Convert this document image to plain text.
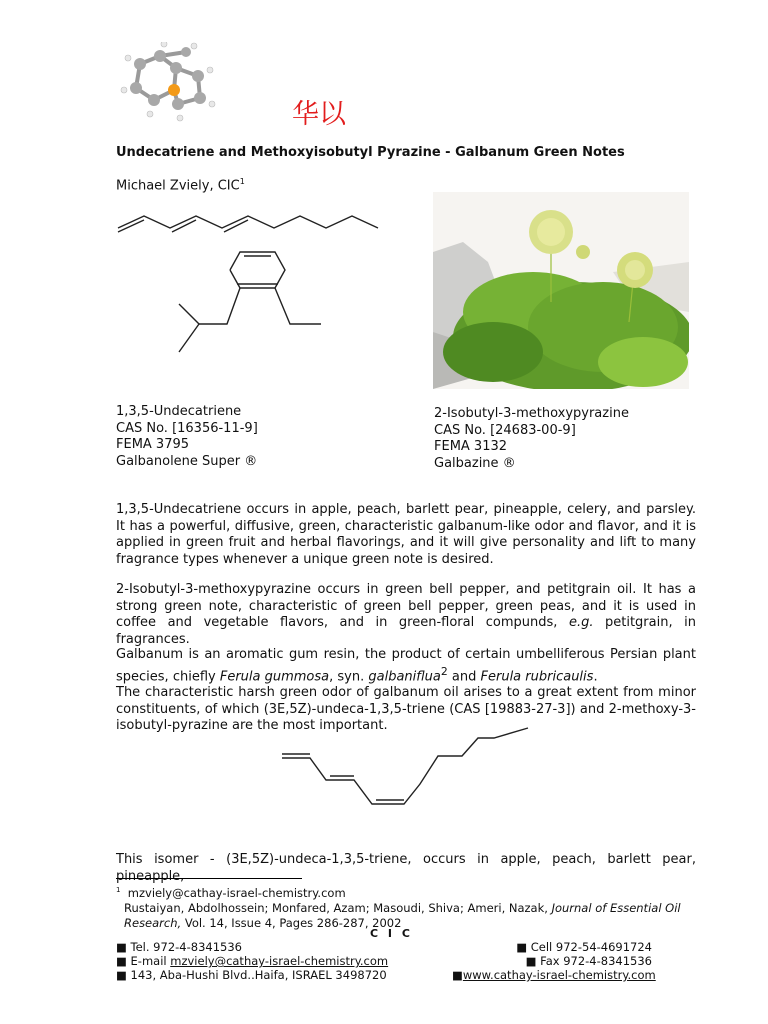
华以
Undecatriene and Methoxyisobutyl Pyrazine - Galbanum Green Notes
Michael Zviely, CIC$^1$
1,3,5-Undecatriene
CAS No. [16356-11-9]
FEMA 3795
Galbanolene Super ®
2-Isobutyl-3-methoxypyrazine
CAS No. [24683-00-9]
FEMA 3132
Galbazine ®

1,3,5-Undecatriene occurs in apple, peach, barlett pear, pineapple, celery, and parsley. It has a powerful, diffusive, green, characteristic galbanum-like odor and flavor, and it is applied in green fruit and herbal flavorings, and it will give personality and lift to many fragrance types whenever a unique green note is desired.

2-Isobutyl-3-methoxypyrazine occurs in green bell pepper, and petitgrain oil. It has a strong green note, characteristic of green bell pepper, green peas, and it is used in coffee and vegetable flavors, and in green-floral compunds, e.g. petitgrain, in fragrances.

Galbanum is an aromatic gum resin, the product of certain umbelliferous Persian plant species, chiefly Ferula gummosa, syn. galbaniflua$^2$ and Ferula rubricaulis.

The characteristic harsh green odor of galbanum oil arises to a great extent from minor constituents, of which (3E,5Z)-undeca-1,3,5-triene (CAS [19883-27-3]) and 2-methoxy-3-isobutyl-pyrazine are the most important.

This isomer - (3E,5Z)-undeca-1,3,5-triene, occurs in apple, peach, barlett pear, pineapple,

$^1$ mzviely@cathay-israel-chemistry.com
Rustaiyan, Abdolhossein; Monfared, Azam; Masoudi, Shiva; Ameri, Nazak, Journal of Essential Oil Research, Vol. 14, Issue 4, Pages 286-287, 2002
C I C
■ Tel. 972-4-8341536
■ E-mail mzviely@cathay-israel-chemistry.com
■ 143, Aba-Hushi Blvd..Haifa, ISRAEL 3498720
■ Cell 972-54-4691724
■ Fax 972-4-8341536
■www.cathay-israel-chemistry.com
